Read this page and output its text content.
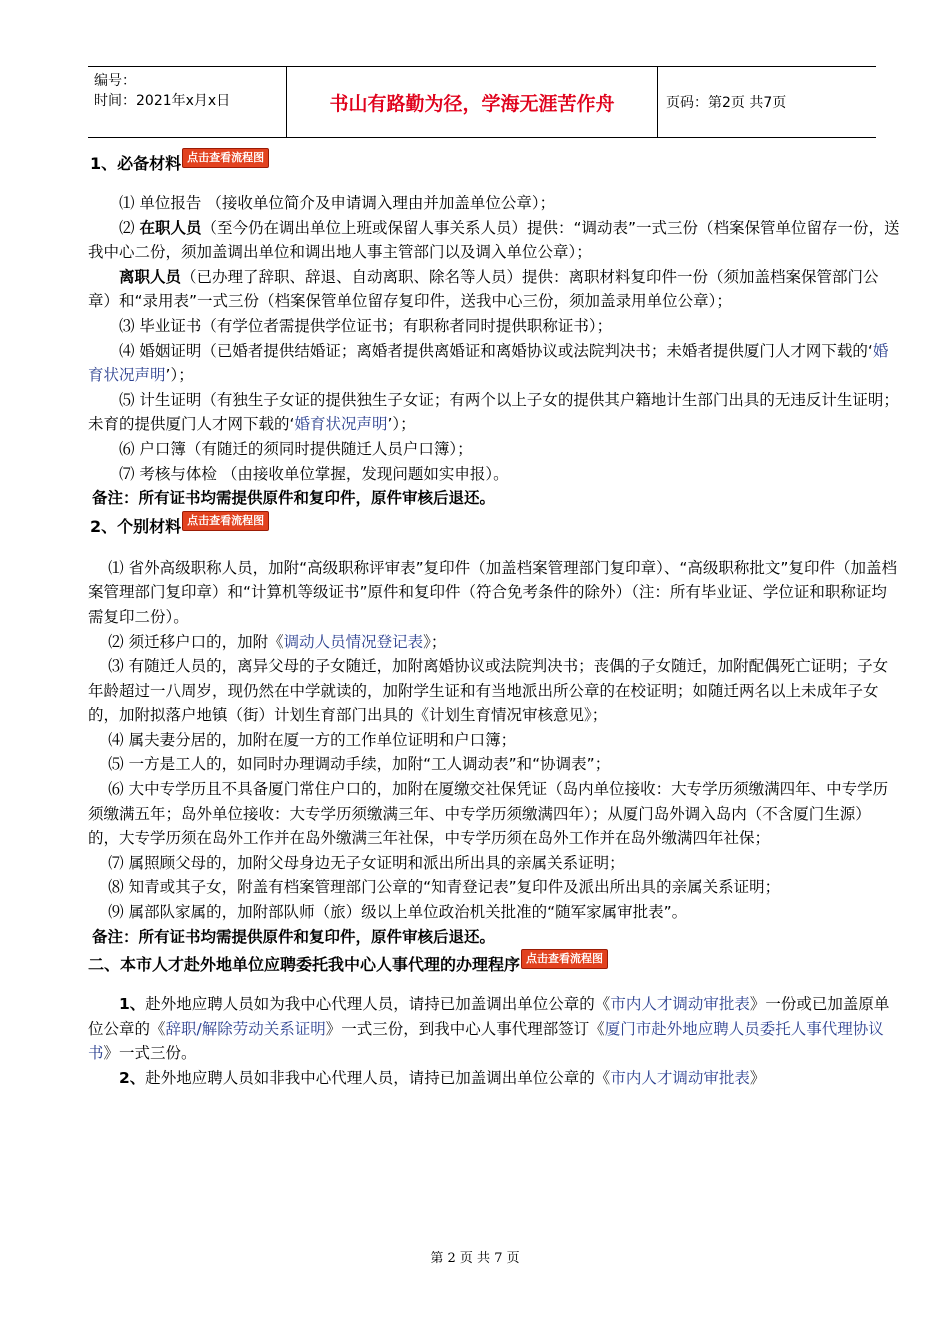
编号：
时间：2021年x月x日	书山有路勤为径，学海无涯苦作舟	页码：第2页 共7页

1、必备材料 点击查看流程图

⑴ 单位报告 （接收单位简介及申请调入理由并加盖单位公章）；

⑵ 在职人员（至今仍在调出单位上班或保留人事关系人员）提供：“调动表”一式三份（档案保管单位留存一份，送我中心二份，须加盖调出单位和调出地人事主管部门以及调入单位公章）；

离职人员（已办理了辞职、辞退、自动离职、除名等人员）提供：离职材料复印件一份（须加盖档案保管部门公章）和“录用表”一式三份（档案保管单位留存复印件，送我中心三份，须加盖录用单位公章）；

⑶ 毕业证书（有学位者需提供学位证书；有职称者同时提供职称证书）；

⑷ 婚姻证明（已婚者提供结婚证；离婚者提供离婚证和离婚协议或法院判决书；未婚者提供厦门人才网下载的‘婚育状况声明’）；

⑸ 计生证明（有独生子女证的提供独生子女证；有两个以上子女的提供其户籍地计生部门出具的无违反计生证明；未育的提供厦门人才网下载的‘婚育状况声明’）；

⑹ 户口簿（有随迁的须同时提供随迁人员户口簿）；

⑺ 考核与体检 （由接收单位掌握，发现问题如实申报）。

备注：所有证书均需提供原件和复印件，原件审核后退还。

2、个别材料 点击查看流程图

⑴ 省外高级职称人员，加附“高级职称评审表”复印件（加盖档案管理部门复印章）、“高级职称批文”复印件（加盖档案管理部门复印章）和“计算机等级证书”原件和复印件（符合免考条件的除外）（注：所有毕业证、学位证和职称证均需复印二份）。

⑵ 须迁移户口的，加附《调动人员情况登记表》；

⑶ 有随迁人员的，离异父母的子女随迁，加附离婚协议或法院判决书；丧偶的子女随迁，加附配偶死亡证明；子女年龄超过一八周岁，现仍然在中学就读的，加附学生证和有当地派出所公章的在校证明；如随迁两名以上未成年子女的，加附拟落户地镇（街）计划生育部门出具的《计划生育情况审核意见》；

⑷ 属夫妻分居的，加附在厦一方的工作单位证明和户口簿；

⑸ 一方是工人的，如同时办理调动手续，加附“工人调动表”和“协调表”；

⑹ 大中专学历且不具备厦门常住户口的，加附在厦缴交社保凭证（岛内单位接收：大专学历须缴满四年、中专学历须缴满五年；岛外单位接收：大专学历须缴满三年、中专学历须缴满四年）；从厦门岛外调入岛内（不含厦门生源）的，大专学历须在岛外工作并在岛外缴满三年社保，中专学历须在岛外工作并在岛外缴满四年社保；

⑺ 属照顾父母的，加附父母身边无子女证明和派出所出具的亲属关系证明；

⑻ 知青或其子女，附盖有档案管理部门公章的“知青登记表”复印件及派出所出具的亲属关系证明；

⑼ 属部队家属的，加附部队师（旅）级以上单位政治机关批准的“随军家属审批表”。

备注：所有证书均需提供原件和复印件，原件审核后退还。

二、本市人才赴外地单位应聘委托我中心人事代理的办理程序 点击查看流程图

1、赴外地应聘人员如为我中心代理人员，请持已加盖调出单位公章的《市内人才调动审批表》一份或已加盖原单位公章的《辞职/解除劳动关系证明》一式三份，到我中心人事代理部签订《厦门市赴外地应聘人员委托人事代理协议书》一式三份。

2、赴外地应聘人员如非我中心代理人员，请持已加盖调出单位公章的《市内人才调动审批表》

第 2 页 共 7 页
